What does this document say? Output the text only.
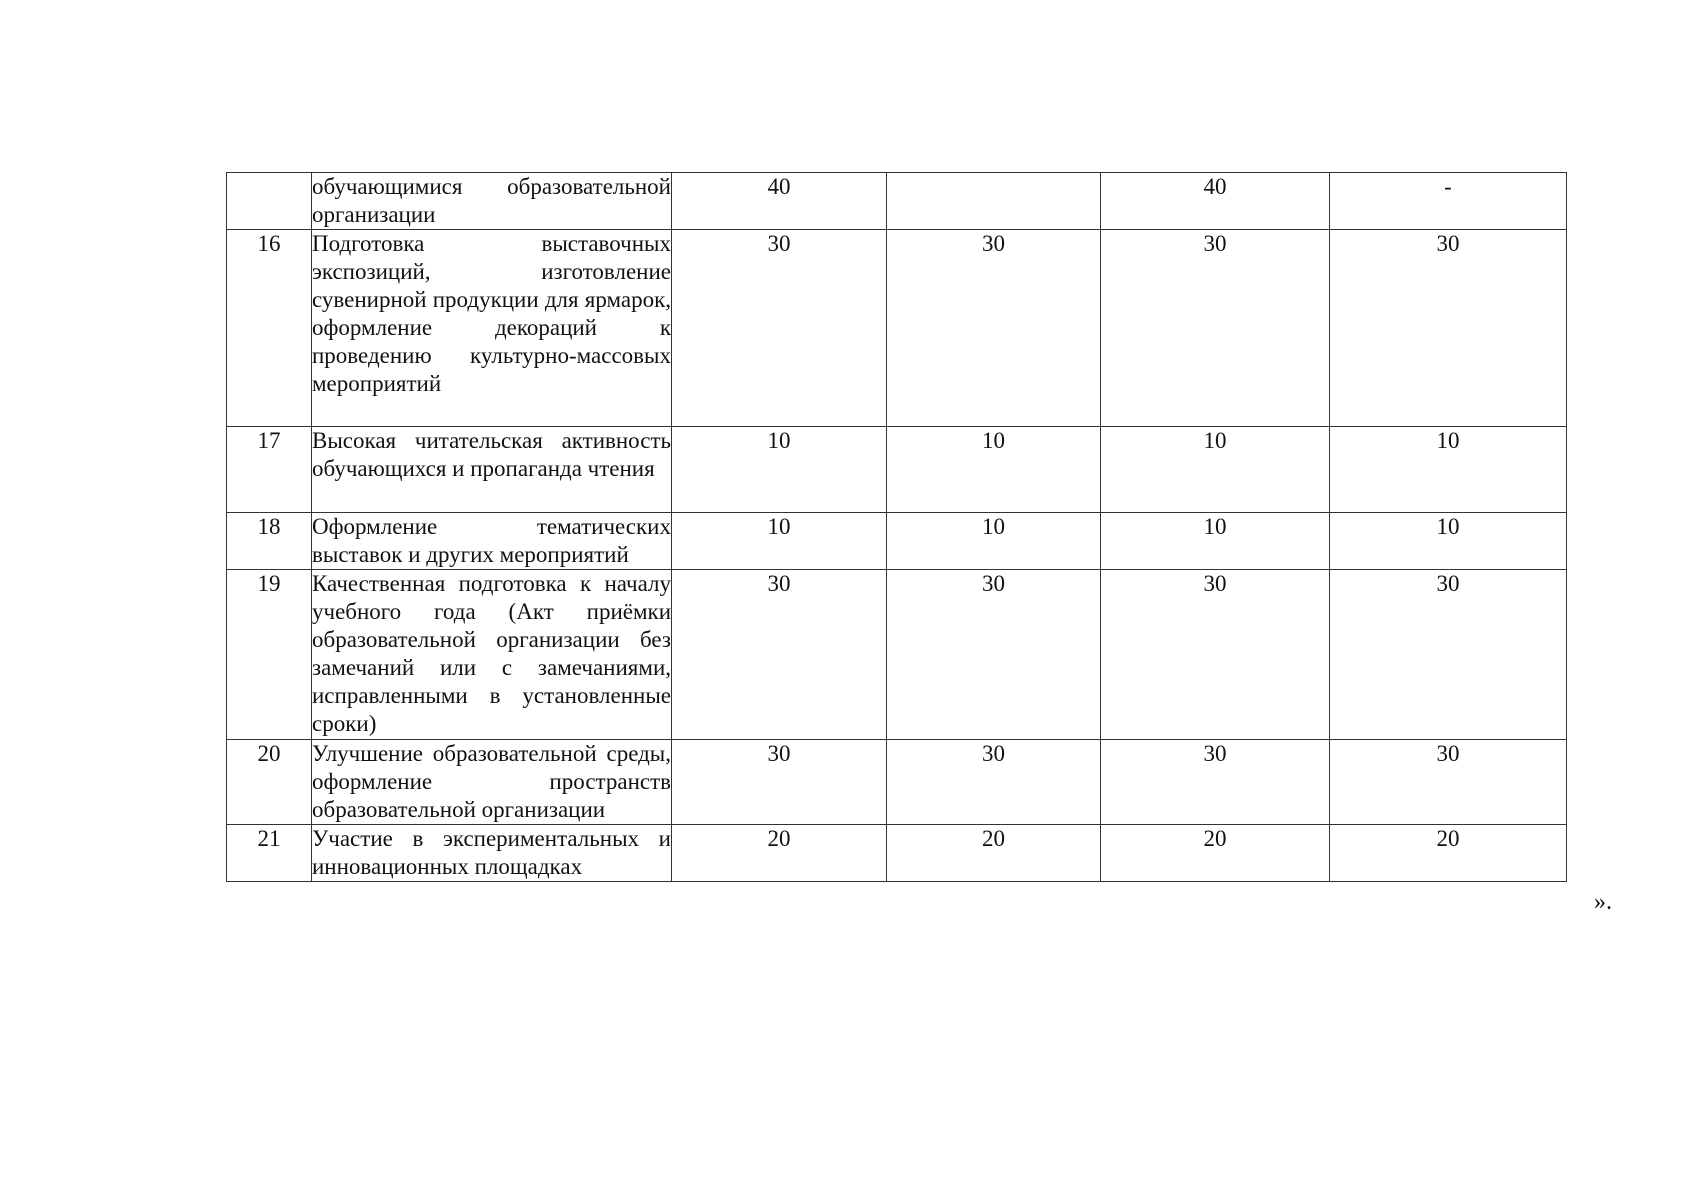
	обучающимися образовательной организации	40		40	-
16	Подготовка выставочных экспозиций, изготовление сувенирной продукции для ярмарок, оформление декораций к проведению культурно-массовых мероприятий	30	30	30	30
17	Высокая читательская активность обучающихся и пропаганда чтения	10	10	10	10
18	Оформление тематических выставок и других мероприятий	10	10	10	10
19	Качественная подготовка к началу учебного года (Акт приёмки образовательной организации без замечаний или с замечаниями, исправленными в установленные сроки)	30	30	30	30
20	Улучшение образовательной среды, оформление пространств образовательной организации	30	30	30	30
21	Участие в экспериментальных и инновационных площадках	20	20	20	20
».
